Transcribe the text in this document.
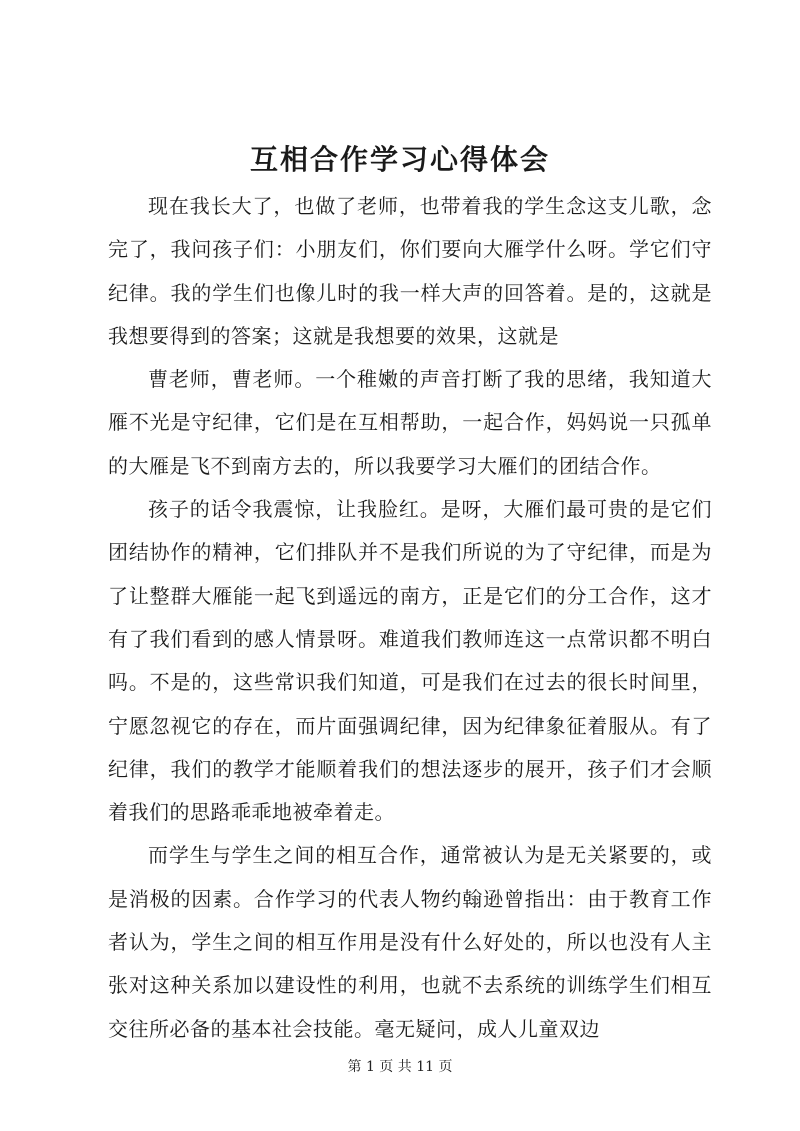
互相合作学习心得体会

现在我长大了，也做了老师，也带着我的学生念这支儿歌，念完了，我问孩子们：小朋友们，你们要向大雁学什么呀。学它们守纪律。我的学生们也像儿时的我一样大声的回答着。是的，这就是我想要得到的答案；这就是我想要的效果，这就是

曹老师，曹老师。一个稚嫩的声音打断了我的思绪，我知道大雁不光是守纪律，它们是在互相帮助，一起合作，妈妈说一只孤单的大雁是飞不到南方去的，所以我要学习大雁们的团结合作。

孩子的话令我震惊，让我脸红。是呀，大雁们最可贵的是它们团结协作的精神，它们排队并不是我们所说的为了守纪律，而是为了让整群大雁能一起飞到遥远的南方，正是它们的分工合作，这才有了我们看到的感人情景呀。难道我们教师连这一点常识都不明白吗。不是的，这些常识我们知道，可是我们在过去的很长时间里，宁愿忽视它的存在，而片面强调纪律，因为纪律象征着服从。有了纪律，我们的教学才能顺着我们的想法逐步的展开，孩子们才会顺着我们的思路乖乖地被牵着走。

而学生与学生之间的相互合作，通常被认为是无关紧要的，或是消极的因素。合作学习的代表人物约翰逊曾指出：由于教育工作者认为，学生之间的相互作用是没有什么好处的，所以也没有人主张对这种关系加以建设性的利用，也就不去系统的训练学生们相互交往所必备的基本社会技能。毫无疑问，成人儿童双边

第 1 页 共 11 页
